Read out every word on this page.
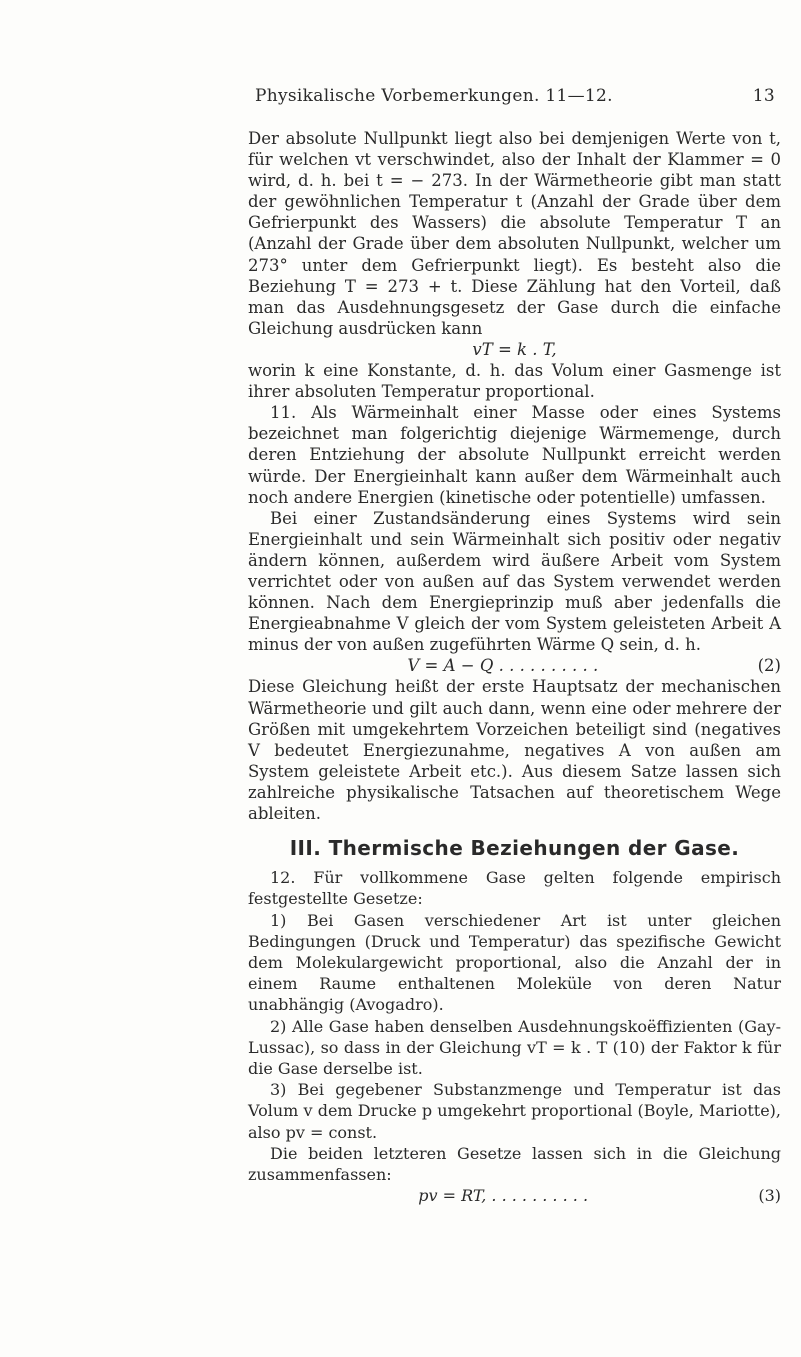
Physikalische Vorbemerkungen. 11—12.	13

Der absolute Nullpunkt liegt also bei demjenigen Werte von t, für welchen vt verschwindet, also der Inhalt der Klammer = 0 wird, d. h. bei t = − 273. In der Wärmetheorie gibt man statt der gewöhnlichen Temperatur t (Anzahl der Grade über dem Gefrierpunkt des Wassers) die absolute Temperatur T an (Anzahl der Grade über dem absoluten Nullpunkt, welcher um 273° unter dem Gefrierpunkt liegt). Es besteht also die Beziehung T = 273 + t. Diese Zählung hat den Vorteil, daß man das Ausdehnungsgesetz der Gase durch die einfache Gleichung ausdrücken kann

vT = k . T,

worin k eine Konstante, d. h. das Volum einer Gasmenge ist ihrer absoluten Temperatur proportional.

11. Als Wärmeinhalt einer Masse oder eines Systems bezeichnet man folgerichtig diejenige Wärmemenge, durch deren Entziehung der absolute Nullpunkt erreicht werden würde. Der Energieinhalt kann außer dem Wärmeinhalt auch noch andere Energien (kinetische oder potentielle) umfassen.

Bei einer Zustandsänderung eines Systems wird sein Energieinhalt und sein Wärmeinhalt sich positiv oder negativ ändern können, außerdem wird äußere Arbeit vom System verrichtet oder von außen auf das System verwendet werden können. Nach dem Energieprinzip muß aber jedenfalls die Energieabnahme V gleich der vom System geleisteten Arbeit A minus der von außen zugeführten Wärme Q sein, d. h.

V = A − Q . . . . . . . . . .	(2)

Diese Gleichung heißt der erste Hauptsatz der mechanischen Wärmetheorie und gilt auch dann, wenn eine oder mehrere der Größen mit umgekehrtem Vorzeichen beteiligt sind (negatives V bedeutet Energiezunahme, negatives A von außen am System geleistete Arbeit etc.). Aus diesem Satze lassen sich zahlreiche physikalische Tatsachen auf theoretischem Wege ableiten.

III. Thermische Beziehungen der Gase.

12. Für vollkommene Gase gelten folgende empirisch festgestellte Gesetze:

1) Bei Gasen verschiedener Art ist unter gleichen Bedingungen (Druck und Temperatur) das spezifische Gewicht dem Molekulargewicht proportional, also die Anzahl der in einem Raume enthaltenen Moleküle von deren Natur unabhängig (Avogadro).

2) Alle Gase haben denselben Ausdehnungskoëffizienten (Gay-Lussac), so dass in der Gleichung vT = k . T (10) der Faktor k für die Gase derselbe ist.

3) Bei gegebener Substanzmenge und Temperatur ist das Volum v dem Drucke p umgekehrt proportional (Boyle, Mariotte), also pv = const.

Die beiden letzteren Gesetze lassen sich in die Gleichung zusammenfassen:

pv = RT, . . . . . . . . . .	(3)
